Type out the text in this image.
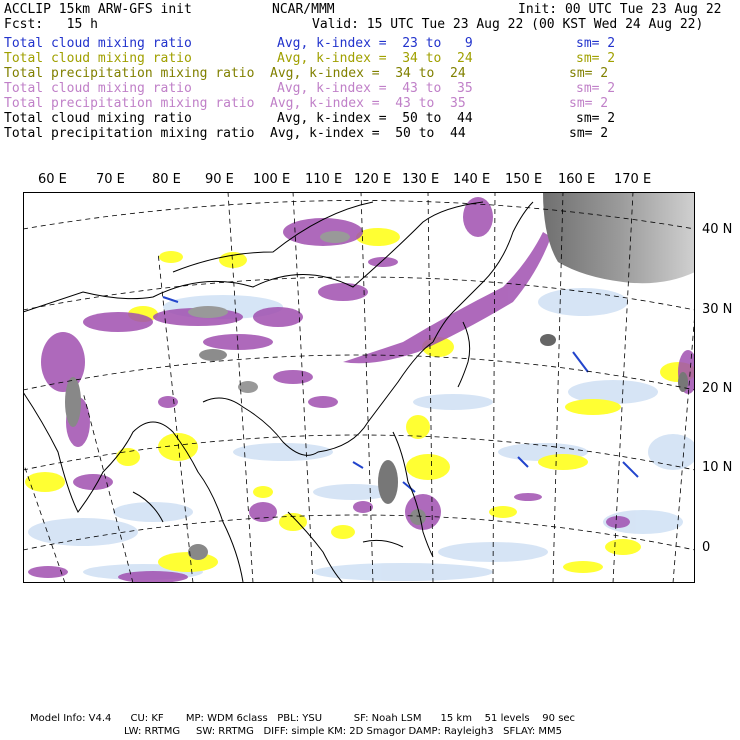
ACCLIP 15km ARW-GFS init	NCAR/MMM	Init: 00 UTC Tue 23 Aug 22
Fcst:   15 h	Valid: 15 UTC Tue 23 Aug 22 (00 KST Wed 24 Aug 22)
Total cloud mixing ratio	Avg, k-index =  23 to   9	sm= 2
Total cloud mixing ratio	Avg, k-index =  34 to  24	sm= 2
Total precipitation mixing ratio Avg, k-index =  34 to  24	sm= 2
Total cloud mixing ratio	Avg, k-index =  43 to  35	sm= 2
Total precipitation mixing ratio Avg, k-index =  43 to  35	sm= 2
Total cloud mixing ratio	Avg, k-index =  50 to  44	sm= 2
Total precipitation mixing ratio Avg, k-index =  50 to  44	sm= 2
60 E 70 E 80 E 90 E 100 E 110 E 120 E 130 E 140 E 150 E 160 E 170 E
40 N
30 N
20 N
10 N
0
Model Info: V4.4      CU: KF       MP: WDM 6class   PBL: YSU          SF: Noah LSM      15 km    51 levels    90 sec
LW: RRTMG     SW: RRTMG   DIFF: simple KM: 2D Smagor DAMP: Rayleigh3   SFLAY: MM5
